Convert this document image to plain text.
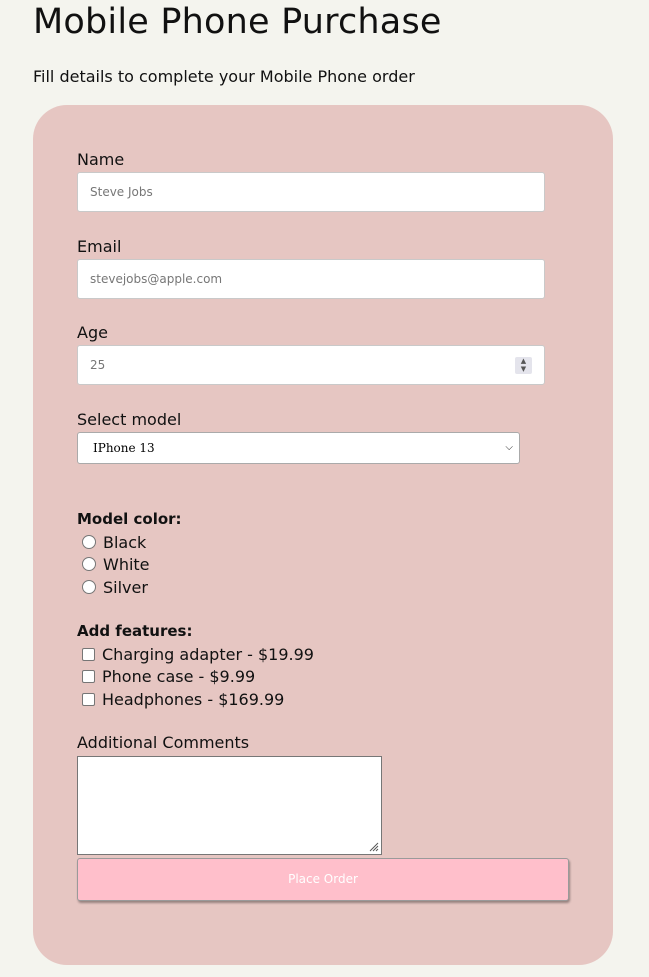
Mobile Phone Purchase

Fill details to complete your Mobile Phone order

Name
Steve Jobs
Email
stevejobs@apple.com
Age
25	▲
▼
Select model
IPhone 13	⌵
Model color:
Black
White
Silver
Add features:
Charging adapter - $19.99
Phone case - $9.99
Headphones - $169.99
Additional Comments
Place Order
